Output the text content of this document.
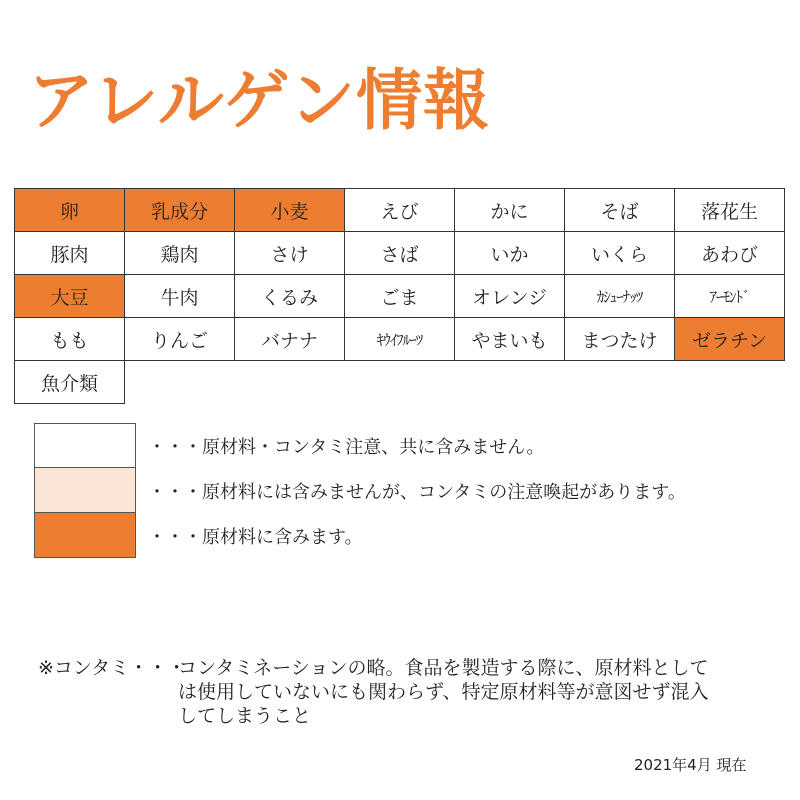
アレルゲン情報
卵	乳成分	小麦	えび	かに	そば	落花生
豚肉	鶏肉	さけ	さば	いか	いくら	あわび
大豆	牛肉	くるみ	ごま	オレンジ	ｶｼｭｰﾅｯﾂ	ｱｰﾓﾝﾄﾞ
もも	りんご	バナナ	ｷｳｲﾌﾙｰﾂ	やまいも	まつたけ	ゼラチン
魚介類						
・・・原材料・コンタミ注意、共に含みません。
・・・原材料には含みませんが、コンタミの注意喚起があります。
・・・原材料に含みます。
※コンタミ・・・
コンタミネーションの略。食品を製造する際に、原材料として
は使用していないにも関わらず、特定原材料等が意図せず混入
してしまうこと
2021年4月 現在
